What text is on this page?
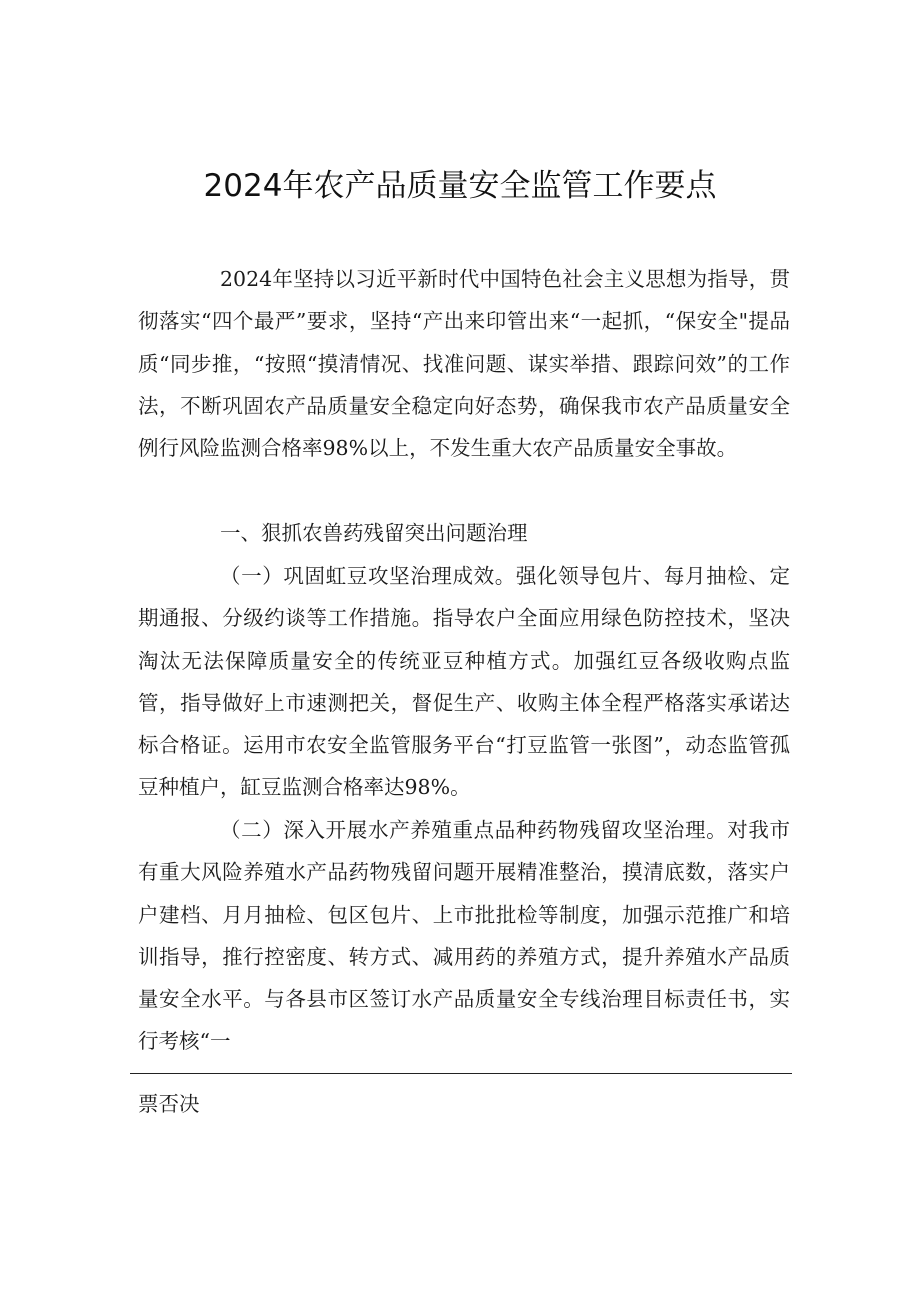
2024年农产品质量安全监管工作要点

2024年坚持以习近平新时代中国特色社会主义思想为指导，贯彻落实“四个最严”要求，坚持“产出来印管出来“一起抓，“保安全"提品质“同步推，“按照“摸清情况、找准问题、谋实举措、跟踪问效”的工作法，不断巩固农产品质量安全稳定向好态势，确保我市农产品质量安全例行风险监测合格率98%以上，不发生重大农产品质量安全事故。

一、狠抓农兽药残留突出问题治理

（一）巩固虹豆攻坚治理成效。强化领导包片、每月抽检、定期通报、分级约谈等工作措施。指导农户全面应用绿色防控技术，坚决淘汰无法保障质量安全的传统亚豆种植方式。加强红豆各级收购点监管，指导做好上市速测把关，督促生产、收购主体全程严格落实承诺达标合格证。运用市农安全监管服务平台“打豆监管一张图”，动态监管孤豆种植户，缸豆监测合格率达98%。

（二）深入开展水产养殖重点品种药物残留攻坚治理。对我市有重大风险养殖水产品药物残留问题开展精准整治，摸清底数，落实户户建档、月月抽检、包区包片、上市批批检等制度，加强示范推广和培训指导，推行控密度、转方式、减用药的养殖方式，提升养殖水产品质量安全水平。与各县市区签订水产品质量安全专线治理目标责任书，实行考核“一

票否决
